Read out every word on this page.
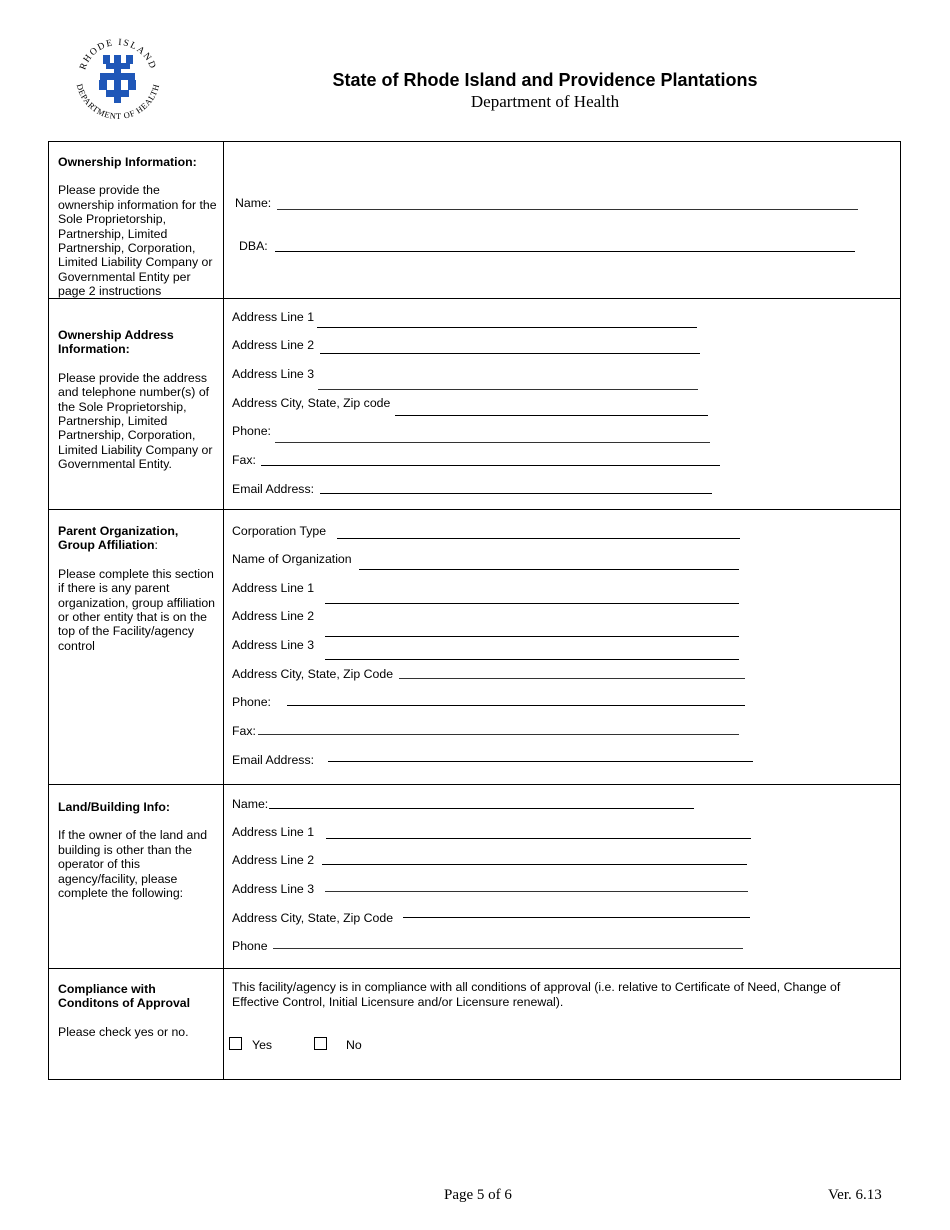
RHODE ISLAND
DEPARTMENT OF HEALTH	State of Rhode Island and Providence Plantations
Department of Health

Ownership Information:

Please provide the ownership information for the Sole Proprietorship, Partnership, Limited Partnership, Corporation, Limited Liability Company or Governmental Entity per page 2 instructions

Name:
DBA:

Ownership Address Information:

Please provide the address and telephone number(s) of the Sole Proprietorship, Partnership, Limited Partnership, Corporation, Limited Liability Company or Governmental Entity.

Address Line 1
Address Line 2
Address Line 3
Address City, State, Zip code
Phone:
Fax:
Email Address:

Parent Organization, Group Affiliation:

Please complete this section if there is any parent organization, group affiliation or other entity that is on the top of the Facility/agency control

Corporation Type
Name of Organization
Address Line 1
Address Line 2
Address Line 3
Address City, State, Zip Code
Phone:
Fax:
Email Address:

Land/Building Info:

If the owner of the land and building is other than the operator of this agency/facility, please complete the following:

Name:
Address Line 1
Address Line 2
Address Line 3
Address City, State, Zip Code
Phone

Compliance with Conditons of Approval

Please check yes or no.

This facility/agency is in compliance with all conditions of approval (i.e. relative to Certificate of Need, Change of Effective Control, Initial Licensure and/or Licensure renewal).
Yes	No
Page 5 of 6	Ver. 6.13
